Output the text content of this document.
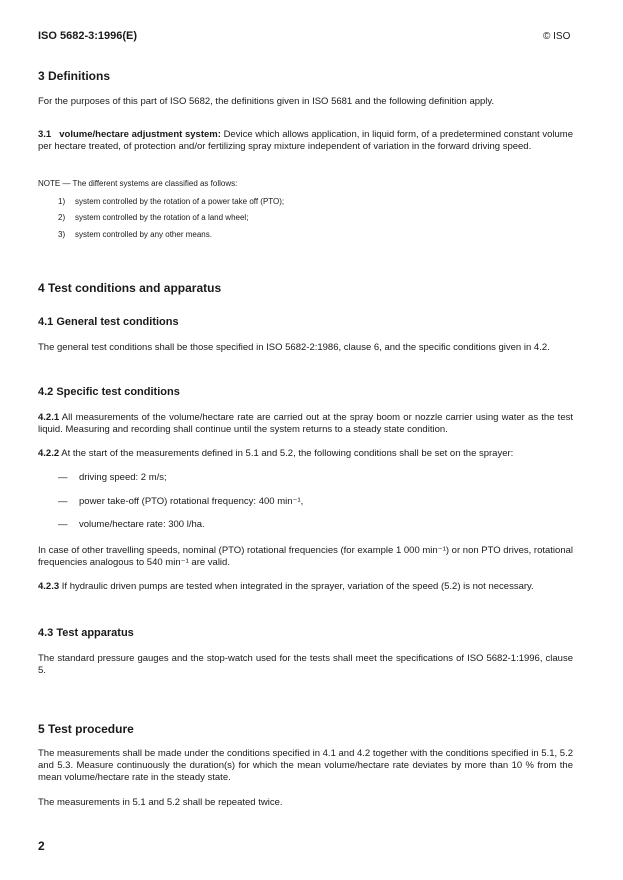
ISO 5682-3:1996(E)	© ISO
3 Definitions
For the purposes of this part of ISO 5682, the definitions given in ISO 5681 and the following definition apply.
3.1 volume/hectare adjustment system: Device which allows application, in liquid form, of a predetermined constant volume per hectare treated, of protection and/or fertilizing spray mixture independent of variation in the forward driving speed.
NOTE — The different systems are classified as follows:
1) system controlled by the rotation of a power take off (PTO);
2) system controlled by the rotation of a land wheel;
3) system controlled by any other means.
4 Test conditions and apparatus
4.1 General test conditions
The general test conditions shall be those specified in ISO 5682-2:1986, clause 6, and the specific conditions given in 4.2.
4.2 Specific test conditions
4.2.1 All measurements of the volume/hectare rate are carried out at the spray boom or nozzle carrier using water as the test liquid. Measuring and recording shall continue until the system returns to a steady state condition.
4.2.2 At the start of the measurements defined in 5.1 and 5.2, the following conditions shall be set on the sprayer:
— driving speed: 2 m/s;
— power take-off (PTO) rotational frequency: 400 min⁻¹,
— volume/hectare rate: 300 l/ha.
In case of other travelling speeds, nominal (PTO) rotational frequencies (for example 1 000 min⁻¹) or non PTO drives, rotational frequencies analogous to 540 min⁻¹ are valid.
4.2.3 If hydraulic driven pumps are tested when integrated in the sprayer, variation of the speed (5.2) is not necessary.
4.3 Test apparatus
The standard pressure gauges and the stop-watch used for the tests shall meet the specifications of ISO 5682-1:1996, clause 5.
5 Test procedure
The measurements shall be made under the conditions specified in 4.1 and 4.2 together with the conditions specified in 5.1, 5.2 and 5.3. Measure continuously the duration(s) for which the mean volume/hectare rate deviates by more than 10 % from the mean volume/hectare rate in the steady state.
The measurements in 5.1 and 5.2 shall be repeated twice.
2
